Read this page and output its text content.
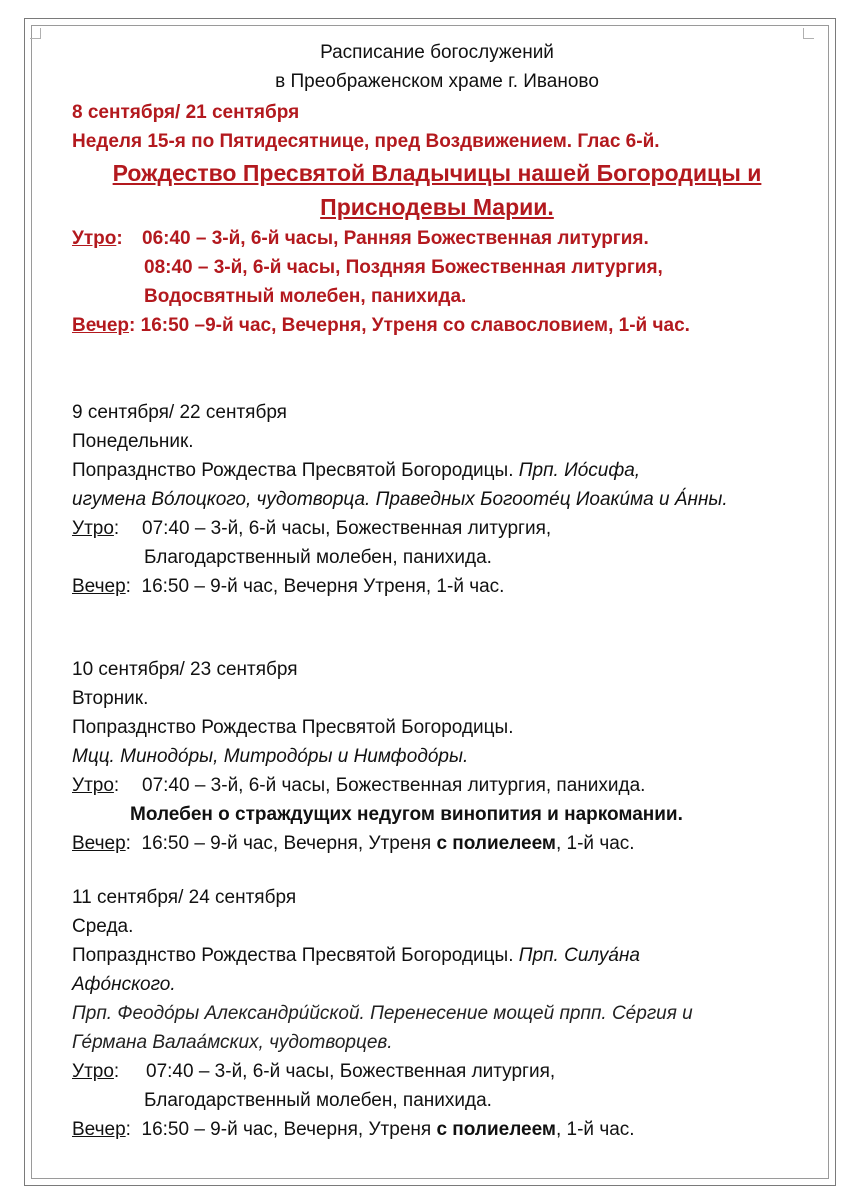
Расписание богослужений
в Преображенском храме г. Иваново
8 сентября/ 21 сентября
Неделя 15-я по Пятидесятнице, пред Воздвижением. Глас 6-й.
Рождество Пресвятой Владычицы нашей Богородицы и
Приснодевы Марии.
Утро: 06:40 – 3-й, 6-й часы, Ранняя Божественная литургия.
08:40 – 3-й, 6-й часы, Поздняя Божественная литургия,
Водосвятный молебен, панихида.
Вечер: 16:50 –9-й час, Вечерня, Утреня со славословием, 1-й час.
9 сентября/ 22 сентября
Понедельник.
Попразднство Рождества Пресвятой Богородицы. Прп. Ио́сифа,
игумена Во́лоцкого, чудотворца. Праведных Богооте́ц Иоаки́ма и А́нны.
Утро: 07:40 – 3-й, 6-й часы, Божественная литургия,
Благодарственный молебен, панихида.
Вечер:  16:50 – 9-й час, Вечерня Утреня, 1-й час.
10 сентября/ 23 сентября
Вторник.
Попразднство Рождества Пресвятой Богородицы.
Мцц. Минодо́ры, Митродо́ры и Нимфодо́ры.
Утро: 07:40 – 3-й, 6-й часы, Божественная литургия, панихида.
Молебен о страждущих недугом винопития и наркомании.
Вечер:  16:50 – 9-й час, Вечерня, Утреня с полиелеем, 1-й час.
11 сентября/ 24 сентября
Среда.
Попразднство Рождества Пресвятой Богородицы. Прп. Силуа́на
Афо́нского.
Прп. Феодо́ры Александри́йской. Перенесение мощей прпп. Се́ргия и
Ге́рмана Валаа́мских, чудотворцев.
Утро: 07:40 – 3-й, 6-й часы, Божественная литургия,
Благодарственный молебен, панихида.
Вечер:  16:50 – 9-й час, Вечерня, Утреня с полиелеем, 1-й час.
